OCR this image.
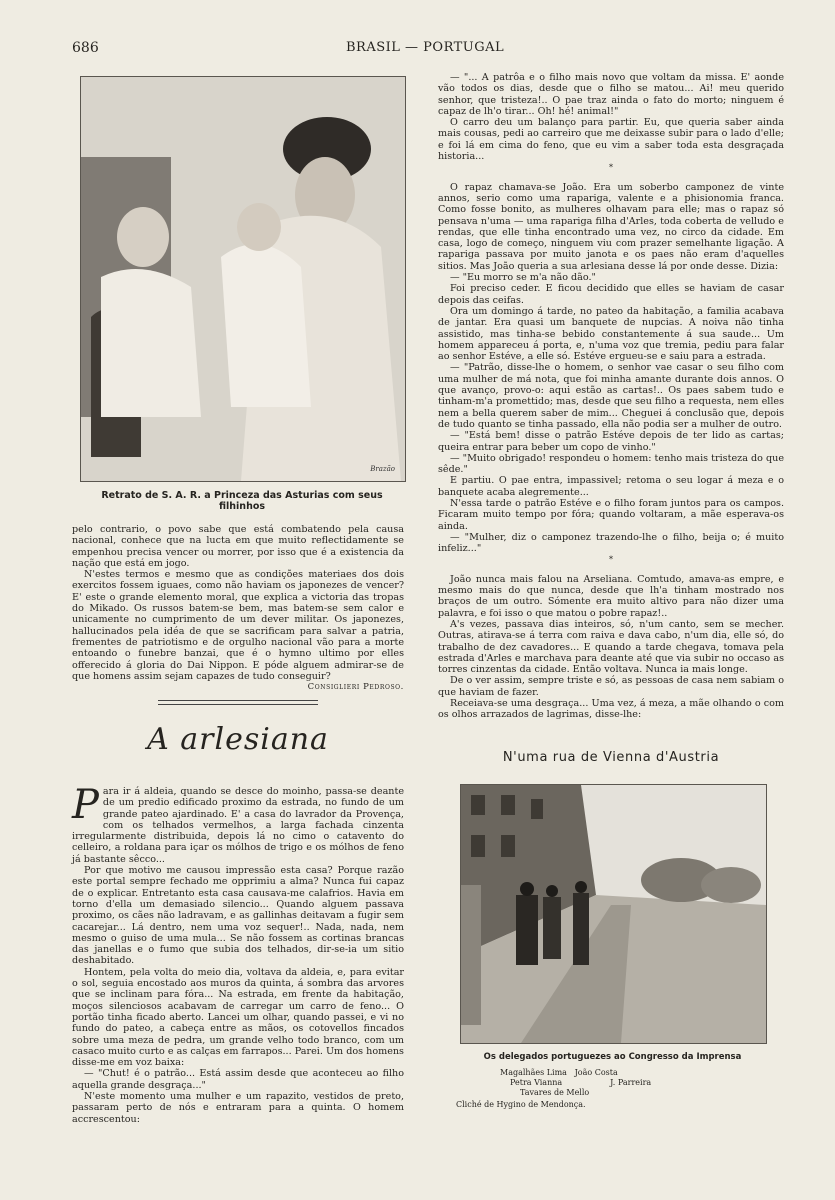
686	BRASIL — PORTUGAL
Brazão
Retrato de S. A. R. a Princeza das Asturias com seus filhinhos

pelo contrario, o povo sabe que está combatendo pela causa nacional, conhece que na lucta em que muito reflectidamente se empenhou precisa vencer ou morrer, por isso que é a existencia da nação que está em jogo.

N'estes termos e mesmo que as condições materiaes dos dois exercitos fossem iguaes, como não haviam os japonezes de vencer? E' este o grande elemento moral, que explica a victoria das tropas do Mikado. Os russos batem-se bem, mas batem-se sem calor e unicamente no cumprimento de um dever militar. Os japonezes, hallucinados pela idéa de que se sacrificam para salvar a patria, frementes de patriotismo e de orgulho nacional vão para a morte entoando o funebre banzai, que é o hymno ultimo por elles offerecido á gloria do Dai Nippon. E póde alguem admirar-se de que homens assim sejam capazes de tudo conseguir?

Consiglieri Pedroso.
A arlesiana

Para ir á aldeia, quando se desce do moinho, passa-se deante de um predio edificado proximo da estrada, no fundo de um grande pateo ajardinado. E' a casa do lavrador da Provença, com os telhados vermelhos, a larga fachada cinzenta irregularmente distribuida, depois lá no cimo o catavento do celleiro, a roldana para içar os mólhos de trigo e os mólhos de feno já bastante sêcco...

Por que motivo me causou impressão esta casa? Porque razão este portal sempre fechado me opprimiu a alma? Nunca fui capaz de o explicar. Entretanto esta casa causava-me calafrios. Havia em torno d'ella um demasiado silencio... Quando alguem passava proximo, os cães não ladravam, e as gallinhas deitavam a fugir sem cacarejar... Lá dentro, nem uma voz sequer!.. Nada, nada, nem mesmo o guiso de uma mula... Se não fossem as cortinas brancas das janellas e o fumo que subia dos telhados, dir-se-ia um sitio deshabitado.

Hontem, pela volta do meio dia, voltava da aldeia, e, para evitar o sol, seguia encostado aos muros da quinta, á sombra das arvores que se inclinam para fóra... Na estrada, em frente da habitação, moços silenciosos acabavam de carregar um carro de feno... O portão tinha ficado aberto. Lancei um olhar, quando passei, e vi no fundo do pateo, a cabeça entre as mãos, os cotovellos fincados sobre uma meza de pedra, um grande velho todo branco, com um casaco muito curto e as calças em farrapos... Parei. Um dos homens disse-me em voz baixa:

— "Chut! é o patrão... Está assim desde que aconteceu ao filho aquella grande desgraça..."

N'este momento uma mulher e um rapazito, vestidos de preto, passaram perto de nós e entraram para a quinta. O homem accrescentou:

— "... A patrôa e o filho mais novo que voltam da missa. E' aonde vão todos os dias, desde que o filho se matou... Ai! meu querido senhor, que tristeza!.. O pae traz ainda o fato do morto; ninguem é capaz de lh'o tirar... Oh! hé! animal!"

O carro deu um balanço para partir. Eu, que queria saber ainda mais cousas, pedi ao carreiro que me deixasse subir para o lado d'elle; e foi lá em cima do feno, que eu vim a saber toda esta desgraçada historia...

*

O rapaz chamava-se João. Era um soberbo camponez de vinte annos, serio como uma rapariga, valente e a phisionomia franca. Como fosse bonito, as mulheres olhavam para elle; mas o rapaz só pensava n'uma — uma rapariga filha d'Arles, toda coberta de velludo e rendas, que elle tinha encontrado uma vez, no circo da cidade. Em casa, logo de começo, ninguem viu com prazer semelhante ligação. A rapariga passava por muito janota e os paes não eram d'aquelles sitios. Mas João queria a sua arlesiana desse lá por onde desse. Dizia:

— "Eu morro se m'a não dão."

Foi preciso ceder. E ficou decidido que elles se haviam de casar depois das ceifas.

Ora um domingo á tarde, no pateo da habitação, a familia acabava de jantar. Era quasi um banquete de nupcias. A noiva não tinha assistido, mas tinha-se bebido constantemente á sua saude... Um homem appareceu á porta, e, n'uma voz que tremia, pediu para falar ao senhor Estéve, a elle só. Estéve ergueu-se e saiu para a estrada.

— "Patrão, disse-lhe o homem, o senhor vae casar o seu filho com uma mulher de má nota, que foi minha amante durante dois annos. O que avanço, provo-o: aqui estão as cartas!.. Os paes sabem tudo e tinham-m'a promettido; mas, desde que seu filho a requesta, nem elles nem a bella querem saber de mim... Cheguei á conclusão que, depois de tudo quanto se tinha passado, ella não podia ser a mulher de outro.

— "Está bem! disse o patrão Estéve depois de ter lido as cartas; queira entrar para beber um copo de vinho."

— "Muito obrigado! respondeu o homem: tenho mais tristeza do que sêde."

E partiu. O pae entra, impassivel; retoma o seu logar á meza e o banquete acaba alegremente...

N'essa tarde o patrão Estéve e o filho foram juntos para os campos. Ficaram muito tempo por fóra; quando voltaram, a mãe esperava-os ainda.

— "Mulher, diz o camponez trazendo-lhe o filho, beija o; é muito infeliz..."

*

João nunca mais falou na Arseliana. Comtudo, amava-as empre, e mesmo mais do que nunca, desde que lh'a tinham mostrado nos braços de um outro. Sómente era muito altivo para não dizer uma palavra, e foi isso o que matou o pobre rapaz!..

A's vezes, passava dias inteiros, só, n'um canto, sem se mecher. Outras, atirava-se á terra com raiva e dava cabo, n'um dia, elle só, do trabalho de dez cavadores... E quando a tarde chegava, tomava pela estrada d'Arles e marchava para deante até que via subir no occaso as torres cinzentas da cidade. Então voltava. Nunca ia mais longe.

De o ver assim, sempre triste e só, as pessoas de casa nem sabiam o que haviam de fazer.

Receiava-se uma desgraça... Uma vez, á meza, a mãe olhando o com os olhos arrazados de lagrimas, disse-lhe:

N'uma rua de Vienna d'Austria
Os delegados portuguezes ao Congresso da Imprensa
Magalhães Lima João Costa
Petra Vianna	J. Parreira
Tavares de Mello
Cliché de Hygino de Mendonça.
